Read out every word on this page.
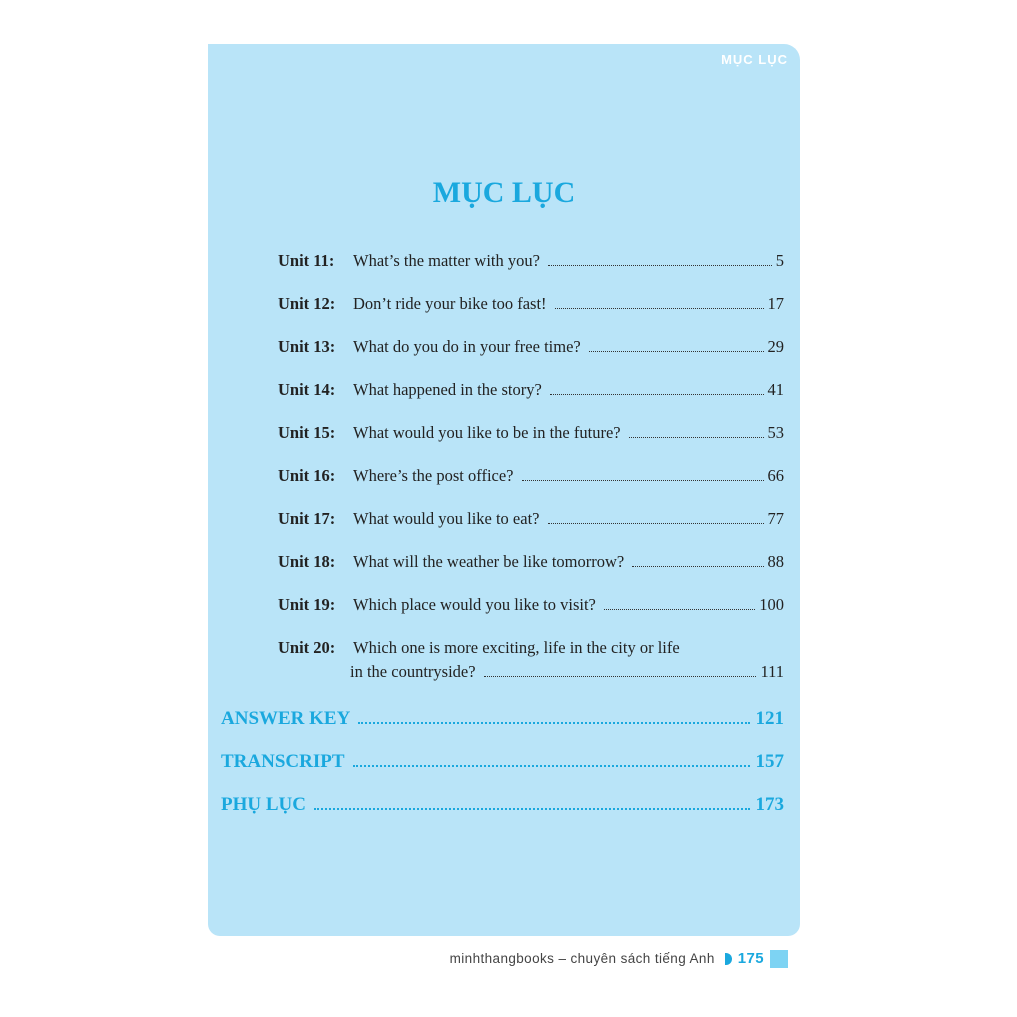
MỤC LỤC
MỤC LỤC
Unit 11:	What’s the matter with you?	5
Unit 12:	Don’t ride your bike too fast!	17
Unit 13:	What do you do in your free time?	29
Unit 14:	What happened in the story?	41
Unit 15:	What would you like to be in the future?	53
Unit 16:	Where’s the post office?	66
Unit 17:	What would you like to eat?	77
Unit 18:	What will the weather be like tomorrow?	88
Unit 19:	Which place would you like to visit?	100
Unit 20:	Which one is more exciting, life in the city or life
in the countryside?	111
ANSWER KEY	121
TRANSCRIPT	157
PHỤ LỤC	173
minhthangbooks – chuyên sách tiếng Anh 175
